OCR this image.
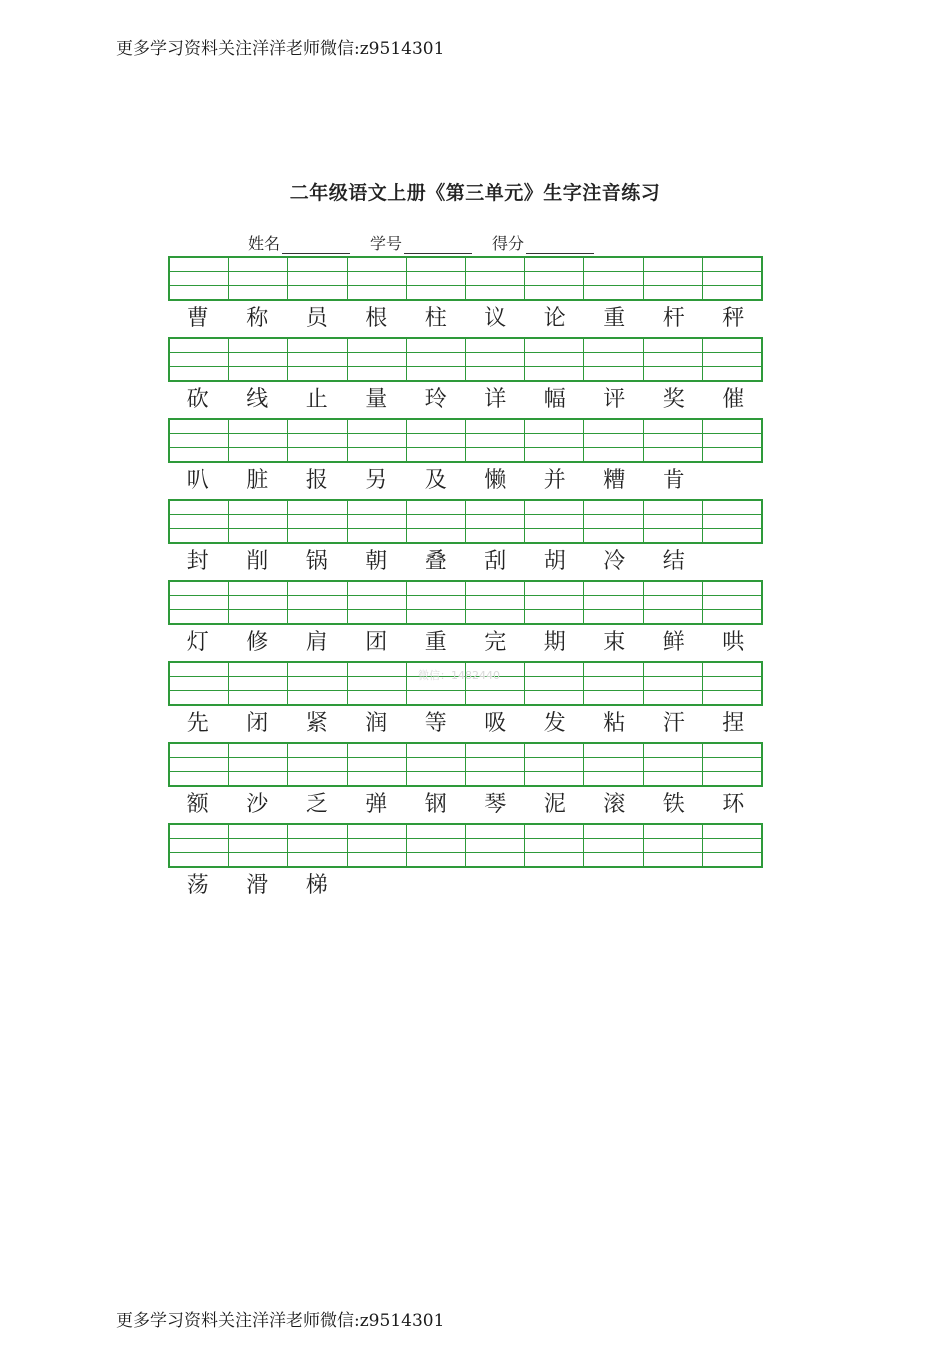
更多学习资料关注洋洋老师微信:z9514301
二年级语文上册《第三单元》生字注音练习
姓名	学号	得分
曹	称	员	根	柱	议	论	重	杆	秤
砍	线	止	量	玲	详	幅	评	奖	催
叭	脏	报	另	及	懒	并	糟	肯
封	削	锅	朝	叠	刮	胡	冷	结
灯	修	肩	团	重	完	期	束	鲜	哄
先	闭	紧	润	等	吸	发	粘	汗	捏
额	沙	乏	弹	钢	琴	泥	滚	铁	环
荡	滑	梯
微信：1482440
更多学习资料关注洋洋老师微信:z9514301
